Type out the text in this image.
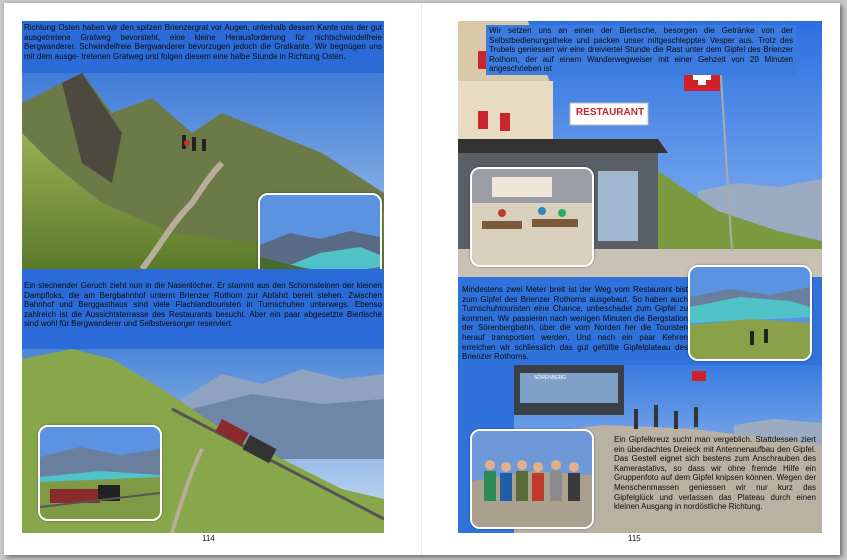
Richtung Osten haben wir den spitzen Brienzergrat vor Augen, unterhalb dessen Kante uns der gut ausgetretene Gratweg bevorsteht, eine kleine Herausforderung für nichtschwindelfreie Bergwanderer. Schwindelfreie Bergwanderer bevorzugen jedoch die Gratkante. Wir begnügen uns mit dem ausge- tretenen Gratweg und folgen diesem eine halbe Stunde in Richtung Osten.
Ein stechender Geruch zieht nun in die Nasenlöcher. Er stammt aus den Schornsteinen der kleinen Dampfloks, die am Bergbahnhof unterm Brienzer Rothorn zur Abfahrt bereit stehen. Zwischen Bahnhof und Berggasthaus sind viele Flachlandtouristen in Turnschuhen unterwegs. Ebenso zahlreich ist die Aussichtsterrasse des Restaurants besucht. Aber ein paar abgesetzte Biertische sind wohl für Bergwanderer und Selbstversorger reserviert.
114
RESTAURANT
Wir setzen uns an einen der Biertische, besorgen die Getränke von der Selbstbedienungstheke und packen unser mitgeschlepptes Vesper aus. Trotz des Trubels geniessen wir eine dreiviertel Stunde die Rast unter dem Gipfel des Brienzer Rothorn, der auf einem Wanderwegweiser mit einer Gehzeit von 20 Minuten angeschrieben ist
Mindestens zwei Meter breit ist der Weg vom Restaurant bist zum Gipfel des Brienzer Rothorns ausgebaut. So haben auch Turnschuhtouristen eine Chance, unbeschadet zum Gipfel zu kommen. Wir passieren nach wenigen Minuten die Bergstation der Sörenbergbahn, über die vom Norden her die Touristen herauf transportiert werden. Und nach ein paar Kehren erreichen wir schliesslich das gut gefüllte Gipfelplateau des Brienzer Rothorns.
SÖRENBERG
Ein Gipfelkreuz sucht man vergeblich. Stattdessen ziert ein überdachtes Dreieck mit Antennenaufbau den Gipfel. Das Gestell eignet sich bestens zum Anschrauben des Kamerastativs, so dass wir ohne fremde Hilfe ein Gruppenfoto auf dem Gipfel knipsen können. Wegen der Menschenmassen geniessen wir nur kurz das Gipfelglück und verlassen das Plateau durch einen kleinen Ausgang in nordöstliche Richtung.
115
